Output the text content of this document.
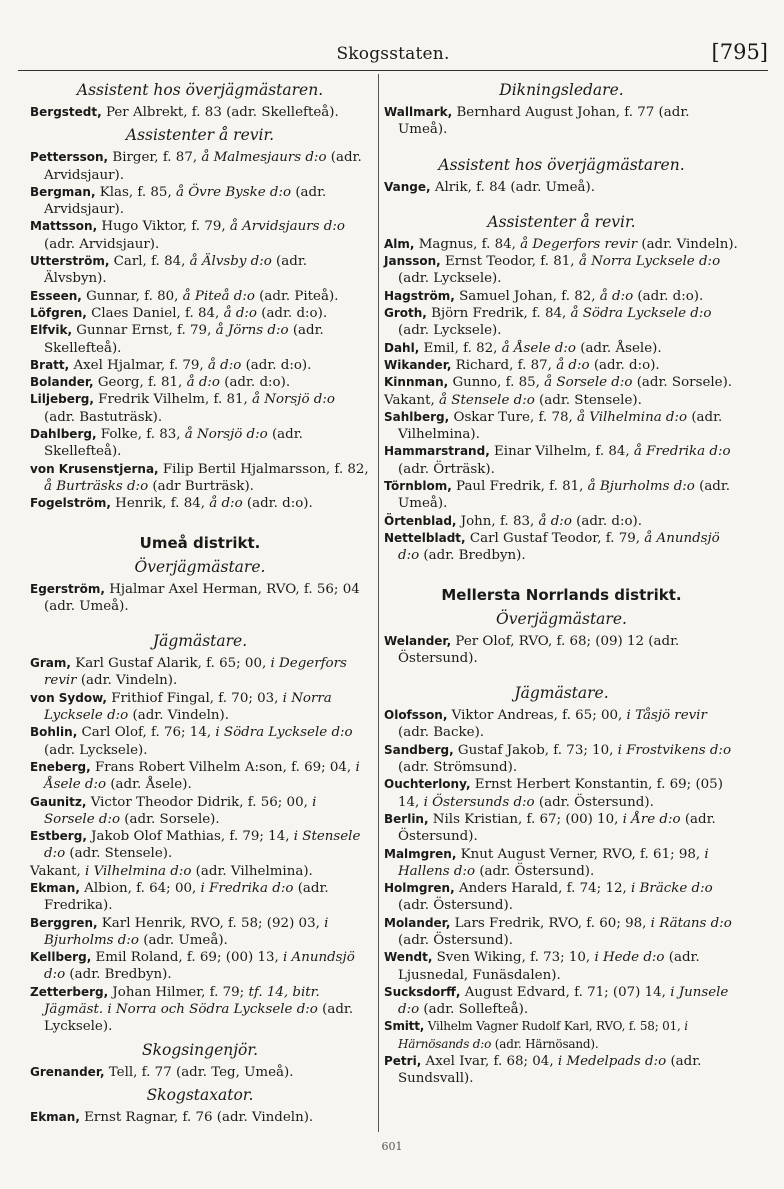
Skogsstaten.	[795]
Assistent hos överjägmästaren.

Bergstedt, Per Albrekt, f. 83 (adr. Skellefteå).

Assistenter å revir.

Pettersson, Birger, f. 87, å Malmesjaurs d:o (adr. Arvidsjaur).

Bergman, Klas, f. 85, å Övre Byske d:o (adr. Arvidsjaur).

Mattsson, Hugo Viktor, f. 79, å Arvidsjaurs d:o (adr. Arvidsjaur).

Utterström, Carl, f. 84, å Älvsby d:o (adr. Älvsbyn).

Esseen, Gunnar, f. 80, å Piteå d:o (adr. Piteå).

Löfgren, Claes Daniel, f. 84, å d:o (adr. d:o).

Elfvik, Gunnar Ernst, f. 79, å Jörns d:o (adr. Skellefteå).

Bratt, Axel Hjalmar, f. 79, å d:o (adr. d:o).

Bolander, Georg, f. 81, å d:o (adr. d:o).

Liljeberg, Fredrik Vilhelm, f. 81, å Norsjö d:o (adr. Bastuträsk).

Dahlberg, Folke, f. 83, å Norsjö d:o (adr. Skellefteå).

von Krusenstjerna, Filip Bertil Hjalmarsson, f. 82, å Burträsks d:o (adr Burträsk).

Fogelström, Henrik, f. 84, å d:o (adr. d:o).

Umeå distrikt.
Överjägmästare.

Egerström, Hjalmar Axel Herman, RVO, f. 56; 04 (adr. Umeå).

Jägmästare.

Gram, Karl Gustaf Alarik, f. 65; 00, i Degerfors revir (adr. Vindeln).

von Sydow, Frithiof Fingal, f. 70; 03, i Norra Lycksele d:o (adr. Vindeln).

Bohlin, Carl Olof, f. 76; 14, i Södra Lycksele d:o (adr. Lycksele).

Eneberg, Frans Robert Vilhelm A:son, f. 69; 04, i Åsele d:o (adr. Åsele).

Gaunitz, Victor Theodor Didrik, f. 56; 00, i Sorsele d:o (adr. Sorsele).

Estberg, Jakob Olof Mathias, f. 79; 14, i Stensele d:o (adr. Stensele).

Vakant, i Vilhelmina d:o (adr. Vilhelmina).

Ekman, Albion, f. 64; 00, i Fredrika d:o (adr. Fredrika).

Berggren, Karl Henrik, RVO, f. 58; (92) 03, i Bjurholms d:o (adr. Umeå).

Kellberg, Emil Roland, f. 69; (00) 13, i Anundsjö d:o (adr. Bredbyn).

Zetterberg, Johan Hilmer, f. 79; tf. 14, bitr. Jägmäst. i Norra och Södra Lycksele d:o (adr. Lycksele).

Skogsingenjör.

Grenander, Tell, f. 77 (adr. Teg, Umeå).

Skogstaxator.

Ekman, Ernst Ragnar, f. 76 (adr. Vindeln).

Dikningsledare.

Wallmark, Bernhard August Johan, f. 77 (adr. Umeå).

Assistent hos överjägmästaren.

Vange, Alrik, f. 84 (adr. Umeå).

Assistenter å revir.

Alm, Magnus, f. 84, å Degerfors revir (adr. Vindeln).

Jansson, Ernst Teodor, f. 81, å Norra Lycksele d:o (adr. Lycksele).

Hagström, Samuel Johan, f. 82, å d:o (adr. d:o).

Groth, Björn Fredrik, f. 84, å Södra Lycksele d:o (adr. Lycksele).

Dahl, Emil, f. 82, å Åsele d:o (adr. Åsele).

Wikander, Richard, f. 87, å d:o (adr. d:o).

Kinnman, Gunno, f. 85, å Sorsele d:o (adr. Sorsele).

Vakant, å Stensele d:o (adr. Stensele).

Sahlberg, Oskar Ture, f. 78, å Vilhelmina d:o (adr. Vilhelmina).

Hammarstrand, Einar Vilhelm, f. 84, å Fredrika d:o (adr. Örträsk).

Törnblom, Paul Fredrik, f. 81, å Bjurholms d:o (adr. Umeå).

Örtenblad, John, f. 83, å d:o (adr. d:o).

Nettelbladt, Carl Gustaf Teodor, f. 79, å Anundsjö d:o (adr. Bredbyn).

Mellersta Norrlands distrikt.
Överjägmästare.

Welander, Per Olof, RVO, f. 68; (09) 12 (adr. Östersund).

Jägmästare.

Olofsson, Viktor Andreas, f. 65; 00, i Tåsjö revir (adr. Backe).

Sandberg, Gustaf Jakob, f. 73; 10, i Frostvikens d:o (adr. Strömsund).

Ouchterlony, Ernst Herbert Konstantin, f. 69; (05) 14, i Östersunds d:o (adr. Östersund).

Berlin, Nils Kristian, f. 67; (00) 10, i Åre d:o (adr. Östersund).

Malmgren, Knut August Verner, RVO, f. 61; 98, i Hallens d:o (adr. Östersund).

Holmgren, Anders Harald, f. 74; 12, i Bräcke d:o (adr. Östersund).

Molander, Lars Fredrik, RVO, f. 60; 98, i Rätans d:o (adr. Östersund).

Wendt, Sven Wiking, f. 73; 10, i Hede d:o (adr. Ljusnedal, Funäsdalen).

Sucksdorff, August Edvard, f. 71; (07) 14, i Junsele d:o (adr. Sollefteå).

Smitt, Vilhelm Vagner Rudolf Karl, RVO, f. 58; 01, i Härnösands d:o (adr. Härnösand).

Petri, Axel Ivar, f. 68; 04, i Medelpads d:o (adr. Sundsvall).

601
